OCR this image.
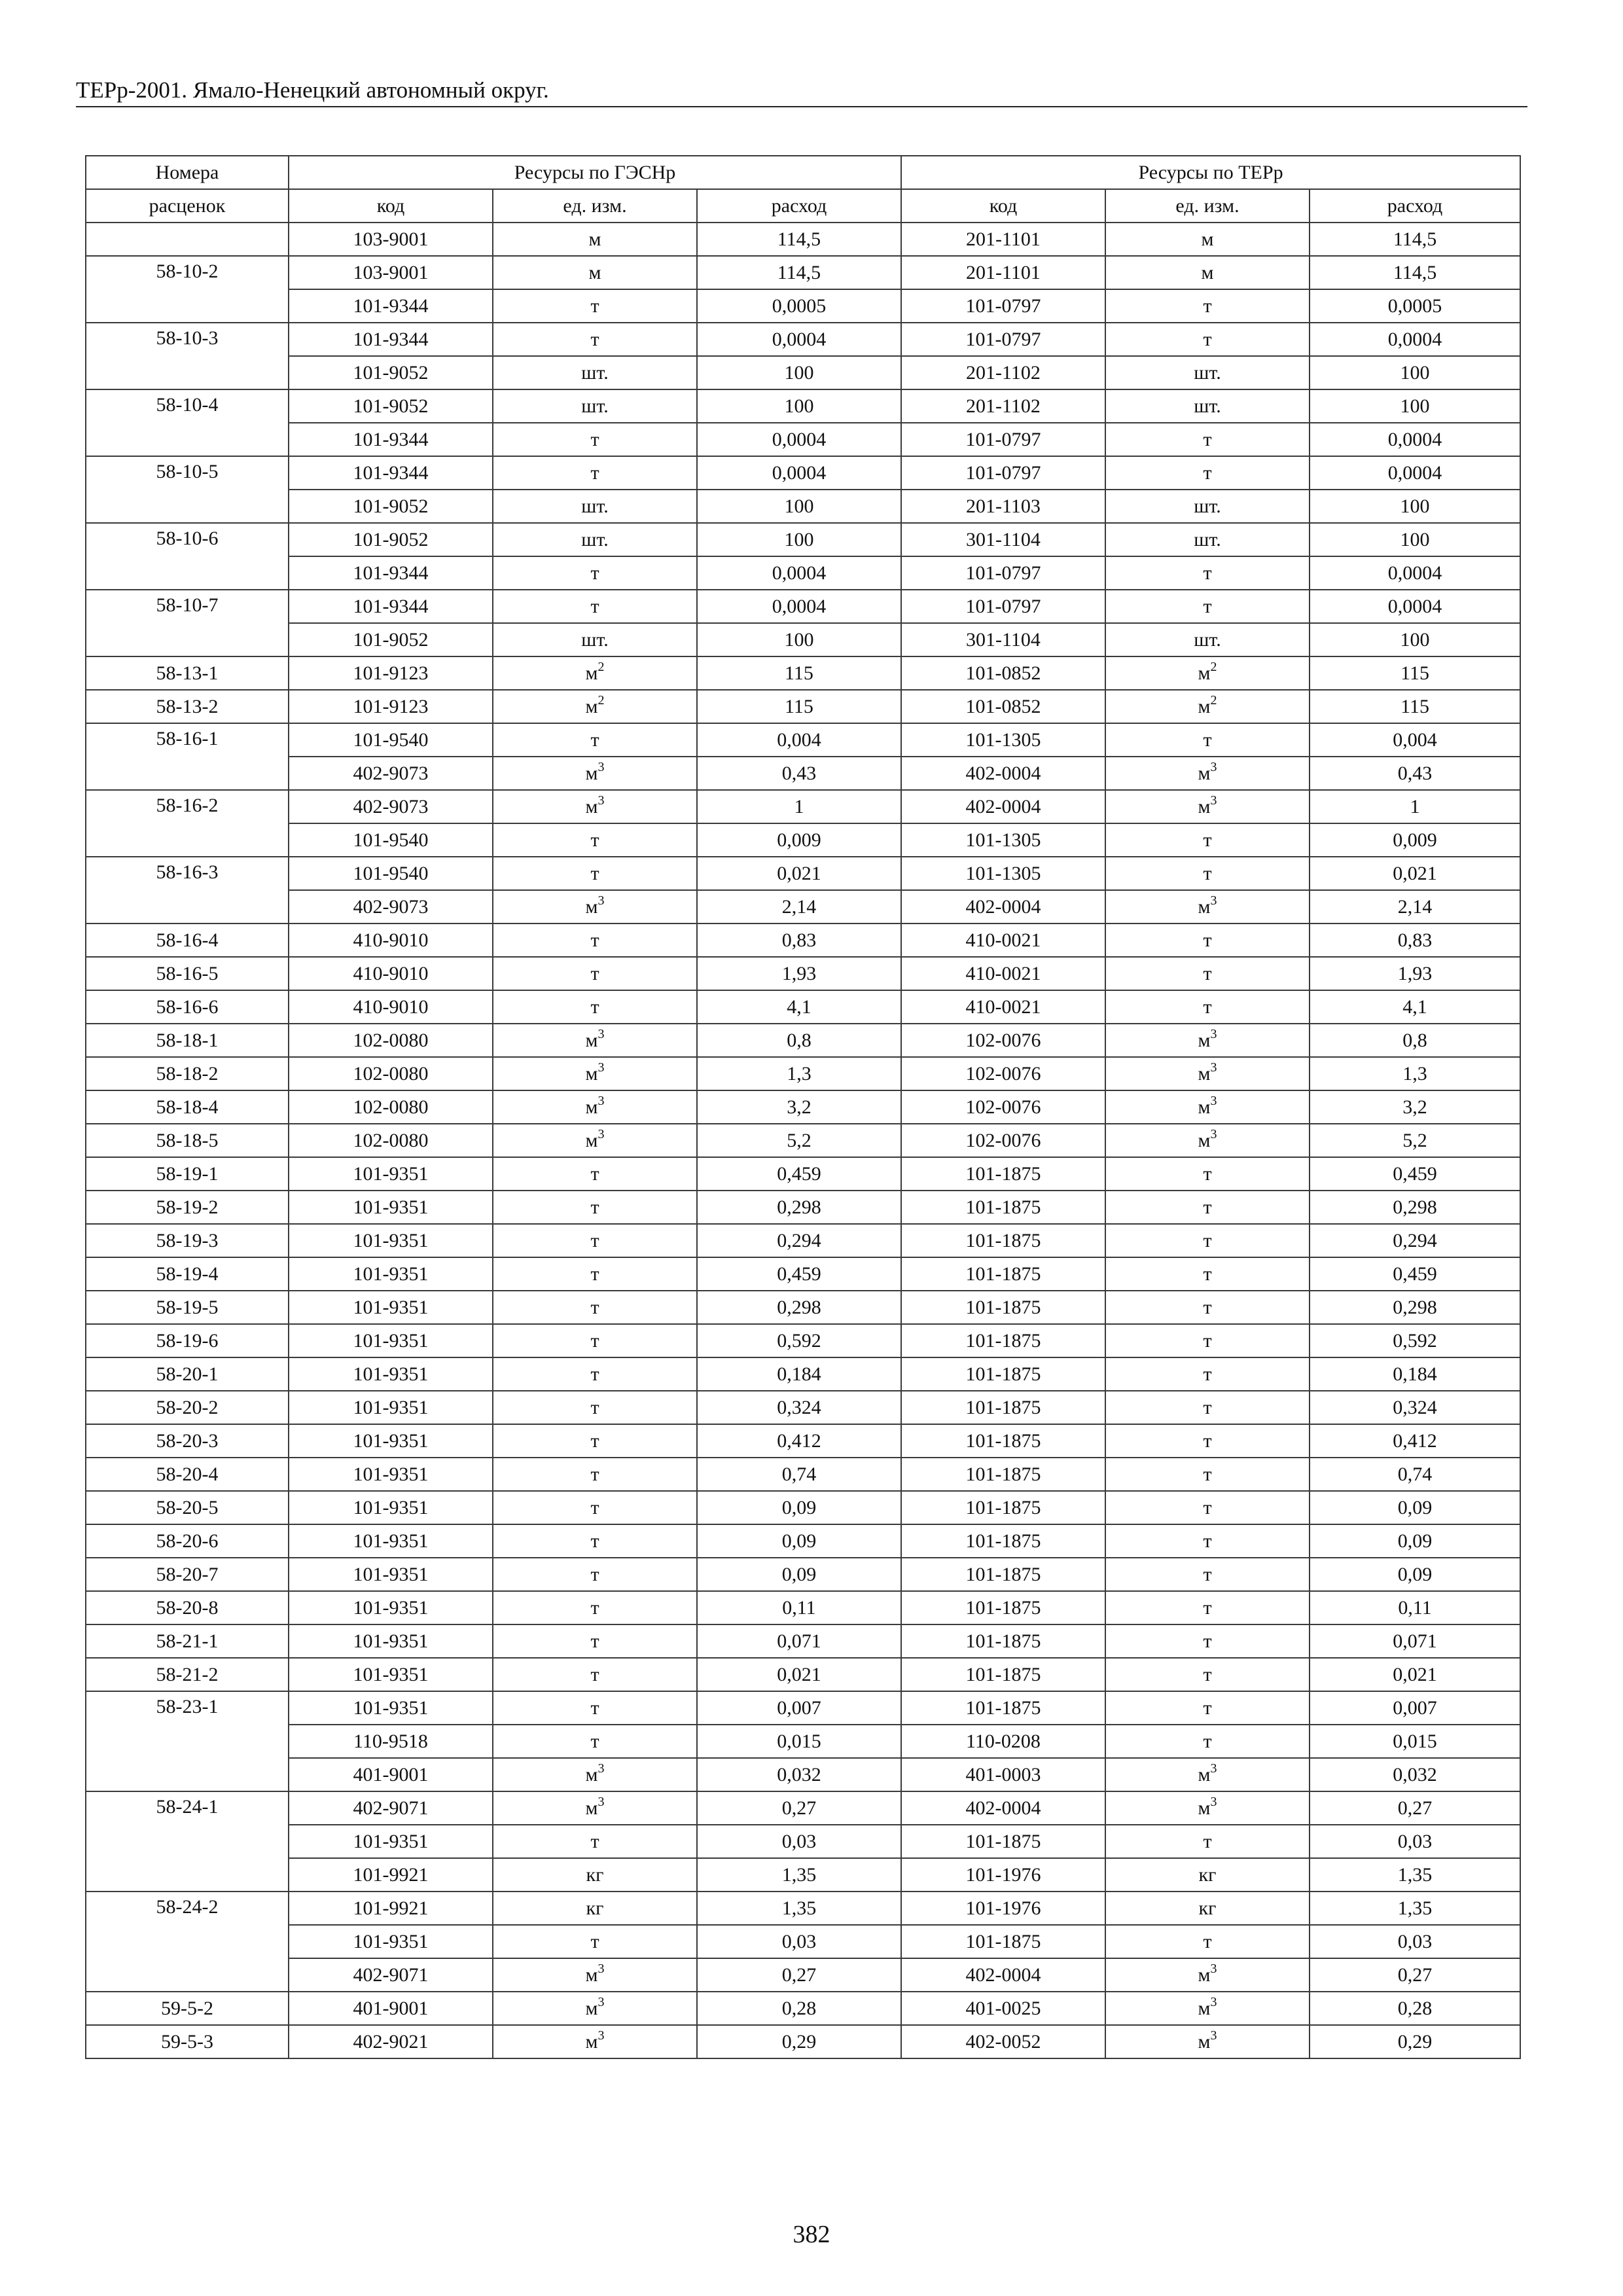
ТЕРр-2001. Ямало-Ненецкий автономный округ.
Номера	Ресурсы по ГЭСНр			Ресурсы по ТЕРр		
расценок	код	ед. изм.	расход	код	ед. изм.	расход
	103-9001	м	114,5	201-1101	м	114,5
58-10-2	103-9001	м	114,5	201-1101	м	114,5
	101-9344	т	0,0005	101-0797	т	0,0005
58-10-3	101-9344	т	0,0004	101-0797	т	0,0004
	101-9052	шт.	100	201-1102	шт.	100
58-10-4	101-9052	шт.	100	201-1102	шт.	100
	101-9344	т	0,0004	101-0797	т	0,0004
58-10-5	101-9344	т	0,0004	101-0797	т	0,0004
	101-9052	шт.	100	201-1103	шт.	100
58-10-6	101-9052	шт.	100	301-1104	шт.	100
	101-9344	т	0,0004	101-0797	т	0,0004
58-10-7	101-9344	т	0,0004	101-0797	т	0,0004
	101-9052	шт.	100	301-1104	шт.	100
58-13-1	101-9123	$м^2$	115	101-0852	$м^2$	115
58-13-2	101-9123	$м^2$	115	101-0852	$м^2$	115
58-16-1	101-9540	т	0,004	101-1305	т	0,004
	402-9073	$м^3$	0,43	402-0004	$м^3$	0,43
58-16-2	402-9073	$м^3$	1	402-0004	$м^3$	1
	101-9540	т	0,009	101-1305	т	0,009
58-16-3	101-9540	т	0,021	101-1305	т	0,021
	402-9073	$м^3$	2,14	402-0004	$м^3$	2,14
58-16-4	410-9010	т	0,83	410-0021	т	0,83
58-16-5	410-9010	т	1,93	410-0021	т	1,93
58-16-6	410-9010	т	4,1	410-0021	т	4,1
58-18-1	102-0080	$м^3$	0,8	102-0076	$м^3$	0,8
58-18-2	102-0080	$м^3$	1,3	102-0076	$м^3$	1,3
58-18-4	102-0080	$м^3$	3,2	102-0076	$м^3$	3,2
58-18-5	102-0080	$м^3$	5,2	102-0076	$м^3$	5,2
58-19-1	101-9351	т	0,459	101-1875	т	0,459
58-19-2	101-9351	т	0,298	101-1875	т	0,298
58-19-3	101-9351	т	0,294	101-1875	т	0,294
58-19-4	101-9351	т	0,459	101-1875	т	0,459
58-19-5	101-9351	т	0,298	101-1875	т	0,298
58-19-6	101-9351	т	0,592	101-1875	т	0,592
58-20-1	101-9351	т	0,184	101-1875	т	0,184
58-20-2	101-9351	т	0,324	101-1875	т	0,324
58-20-3	101-9351	т	0,412	101-1875	т	0,412
58-20-4	101-9351	т	0,74	101-1875	т	0,74
58-20-5	101-9351	т	0,09	101-1875	т	0,09
58-20-6	101-9351	т	0,09	101-1875	т	0,09
58-20-7	101-9351	т	0,09	101-1875	т	0,09
58-20-8	101-9351	т	0,11	101-1875	т	0,11
58-21-1	101-9351	т	0,071	101-1875	т	0,071
58-21-2	101-9351	т	0,021	101-1875	т	0,021
58-23-1	101-9351	т	0,007	101-1875	т	0,007
	110-9518	т	0,015	110-0208	т	0,015
	401-9001	$м^3$	0,032	401-0003	$м^3$	0,032
58-24-1	402-9071	$м^3$	0,27	402-0004	$м^3$	0,27
	101-9351	т	0,03	101-1875	т	0,03
	101-9921	кг	1,35	101-1976	кг	1,35
58-24-2	101-9921	кг	1,35	101-1976	кг	1,35
	101-9351	т	0,03	101-1875	т	0,03
	402-9071	$м^3$	0,27	402-0004	$м^3$	0,27
59-5-2	401-9001	$м^3$	0,28	401-0025	$м^3$	0,28
59-5-3	402-9021	$м^3$	0,29	402-0052	$м^3$	0,29
382
